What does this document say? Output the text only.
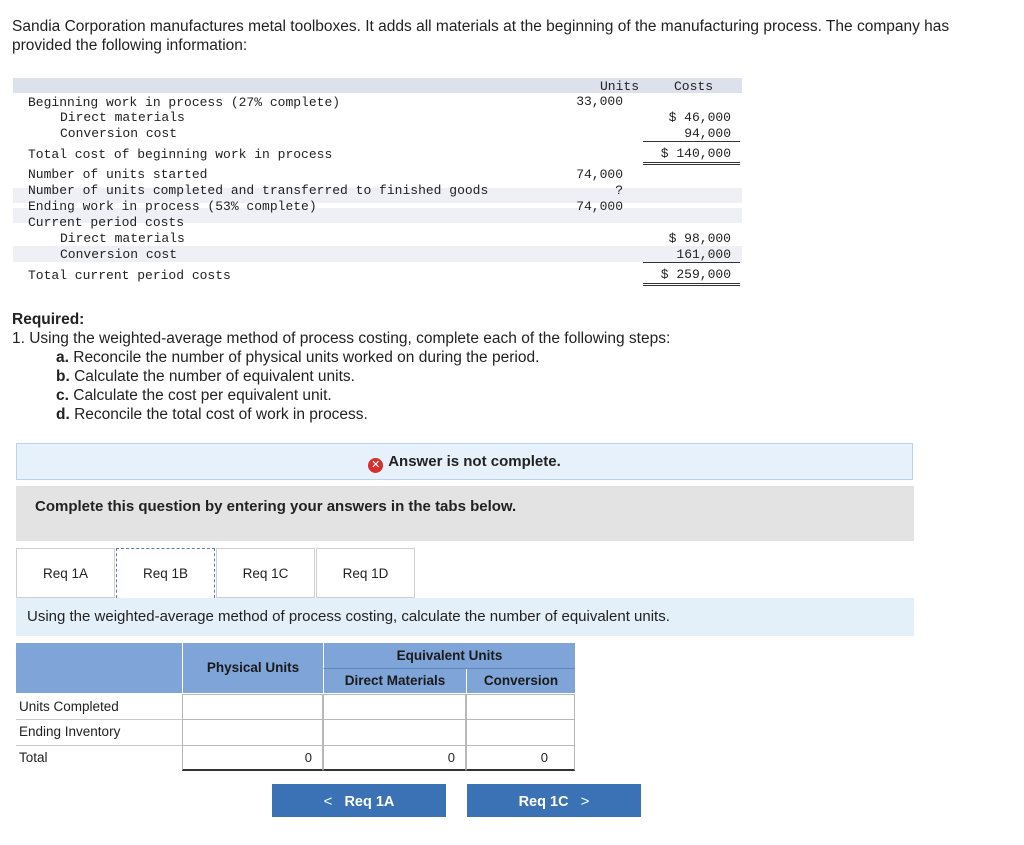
Sandia Corporation manufactures metal toolboxes. It adds all materials at the beginning of the manufacturing process. The company has provided the following information:
Units	Costs
Beginning work in process (27% complete)	33,000
Direct materials	$ 46,000
Conversion cost	94,000
Total cost of beginning work in process	$ 140,000
Number of units started	74,000
Number of units completed and transferred to finished goods	?
Ending work in process (53% complete)	74,000
Current period costs
Direct materials	$ 98,000
Conversion cost	161,000
Total current period costs	$ 259,000
Required:
1. Using the weighted-average method of process costing, complete each of the following steps:
a. Reconcile the number of physical units worked on during the period.
b. Calculate the number of equivalent units.
c. Calculate the cost per equivalent unit.
d. Reconcile the total cost of work in process.
✕ Answer is not complete.
Complete this question by entering your answers in the tabs below.
Req 1A	Req 1B	Req 1C	Req 1D
Using the weighted-average method of process costing, calculate the number of equivalent units.
Physical Units
Equivalent Units
Direct Materials	Conversion
Units Completed
Ending Inventory
Total	0	0	0
< Req 1A	Req 1C >
